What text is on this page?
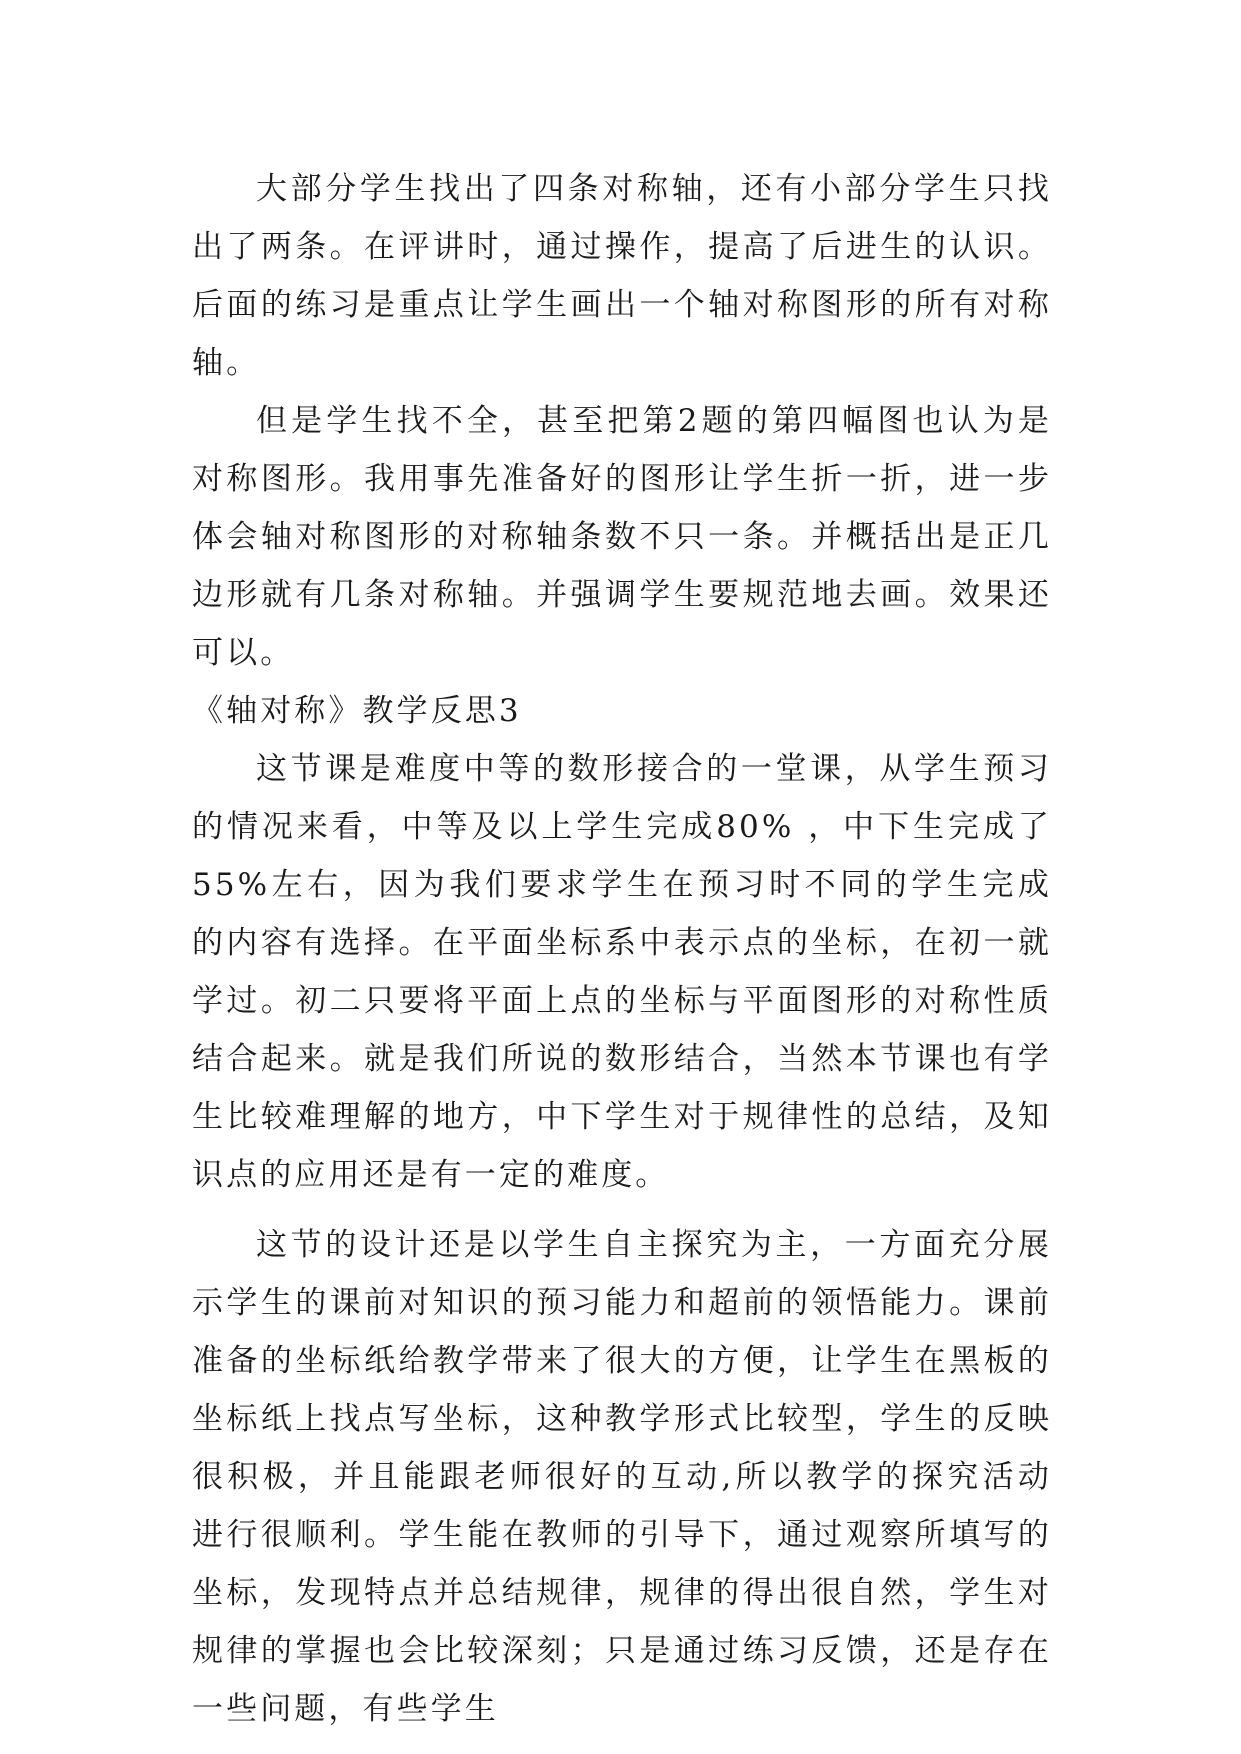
大部分学生找出了四条对称轴，还有小部分学生只找出了两条。在评讲时，通过操作，提高了后进生的认识。后面的练习是重点让学生画出一个轴对称图形的所有对称轴。

但是学生找不全，甚至把第2题的第四幅图也认为是对称图形。我用事先准备好的图形让学生折一折，进一步体会轴对称图形的对称轴条数不只一条。并概括出是正几边形就有几条对称轴。并强调学生要规范地去画。效果还可以。

《轴对称》教学反思3

这节课是难度中等的数形接合的一堂课，从学生预习的情况来看，中等及以上学生完成80% ，中下生完成了55%左右，因为我们要求学生在预习时不同的学生完成的内容有选择。在平面坐标系中表示点的坐标，在初一就学过。初二只要将平面上点的坐标与平面图形的对称性质结合起来。就是我们所说的数形结合，当然本节课也有学生比较难理解的地方，中下学生对于规律性的总结，及知识点的应用还是有一定的难度。

这节的设计还是以学生自主探究为主，一方面充分展示学生的课前对知识的预习能力和超前的领悟能力。课前准备的坐标纸给教学带来了很大的方便，让学生在黑板的坐标纸上找点写坐标，这种教学形式比较型，学生的反映很积极，并且能跟老师很好的互动,所以教学的探究活动进行很顺利。学生能在教师的引导下，通过观察所填写的坐标，发现特点并总结规律，规律的得出很自然，学生对规律的掌握也会比较深刻；只是通过练习反馈，还是存在一些问题，有些学生
